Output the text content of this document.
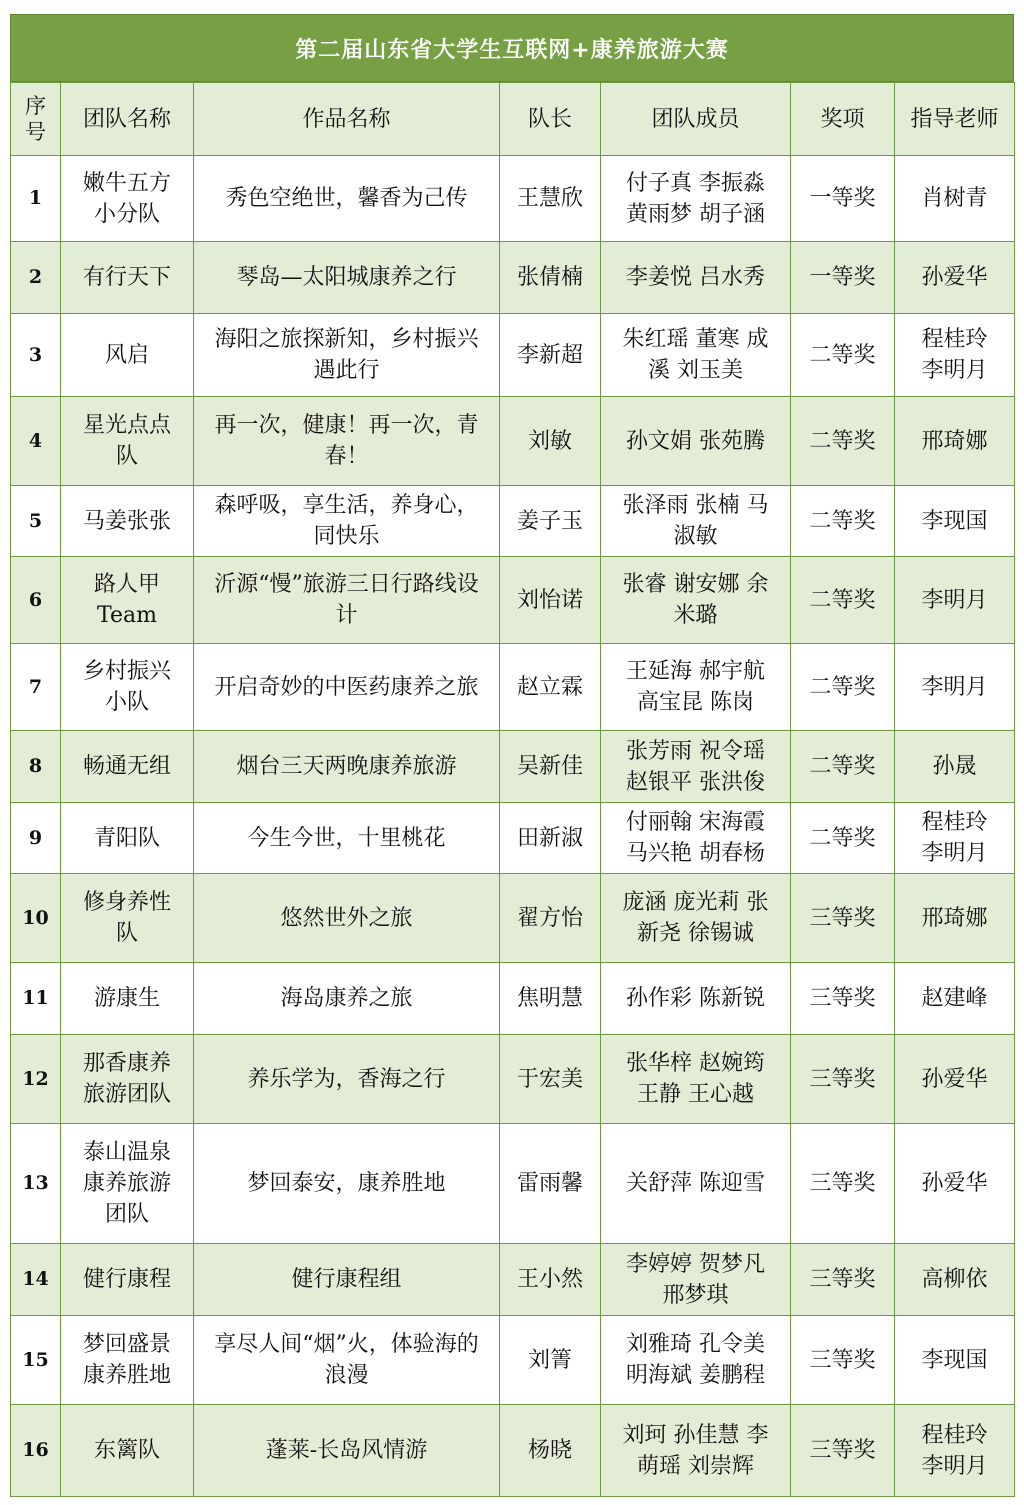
第二届山东省大学生互联网+康养旅游大赛
序号	团队名称	作品名称	队长	团队成员	奖项	指导老师
1	嫩牛五方小分队	秀色空绝世，馨香为己传	王慧欣	付子真 李振淼 黄雨梦 胡子涵	一等奖	肖树青
2	有行天下	琴岛—太阳城康养之行	张倩楠	李姜悦 吕水秀	一等奖	孙爱华
3	风启	海阳之旅探新知，乡村振兴遇此行	李新超	朱红瑶 董寒 成溪 刘玉美	二等奖	程桂玲 李明月
4	星光点点队	再一次，健康！再一次，青春！	刘敏	孙文娟 张苑腾	二等奖	邢琦娜
5	马姜张张	森呼吸，享生活，养身心，同快乐	姜子玉	张泽雨 张楠 马淑敏	二等奖	李现国
6	路人甲 Team	沂源“慢”旅游三日行路线设计	刘怡诺	张睿 谢安娜 余米璐	二等奖	李明月
7	乡村振兴小队	开启奇妙的中医药康养之旅	赵立霖	王延海 郝宇航 高宝昆 陈岗	二等奖	李明月
8	畅通无组	烟台三天两晚康养旅游	吴新佳	张芳雨 祝令瑶 赵银平 张洪俊	二等奖	孙晟
9	青阳队	今生今世，十里桃花	田新淑	付丽翰 宋海霞 马兴艳 胡春杨	二等奖	程桂玲 李明月
10	修身养性队	悠然世外之旅	翟方怡	庞涵 庞光莉 张新尧 徐锡诚	三等奖	邢琦娜
11	游康生	海岛康养之旅	焦明慧	孙作彩 陈新锐	三等奖	赵建峰
12	那香康养旅游团队	养乐学为，香海之行	于宏美	张华梓 赵婉筠 王静 王心越	三等奖	孙爱华
13	泰山温泉康养旅游团队	梦回泰安，康养胜地	雷雨馨	关舒萍 陈迎雪	三等奖	孙爱华
14	健行康程	健行康程组	王小然	李婷婷 贺梦凡 邢梦琪	三等奖	高柳依
15	梦回盛景康养胜地	享尽人间“烟”火，体验海的浪漫	刘箐	刘雅琦 孔令美 明海斌 姜鹏程	三等奖	李现国
16	东篱队	蓬莱-长岛风情游	杨晓	刘珂 孙佳慧 李萌瑶 刘崇辉	三等奖	程桂玲 李明月
